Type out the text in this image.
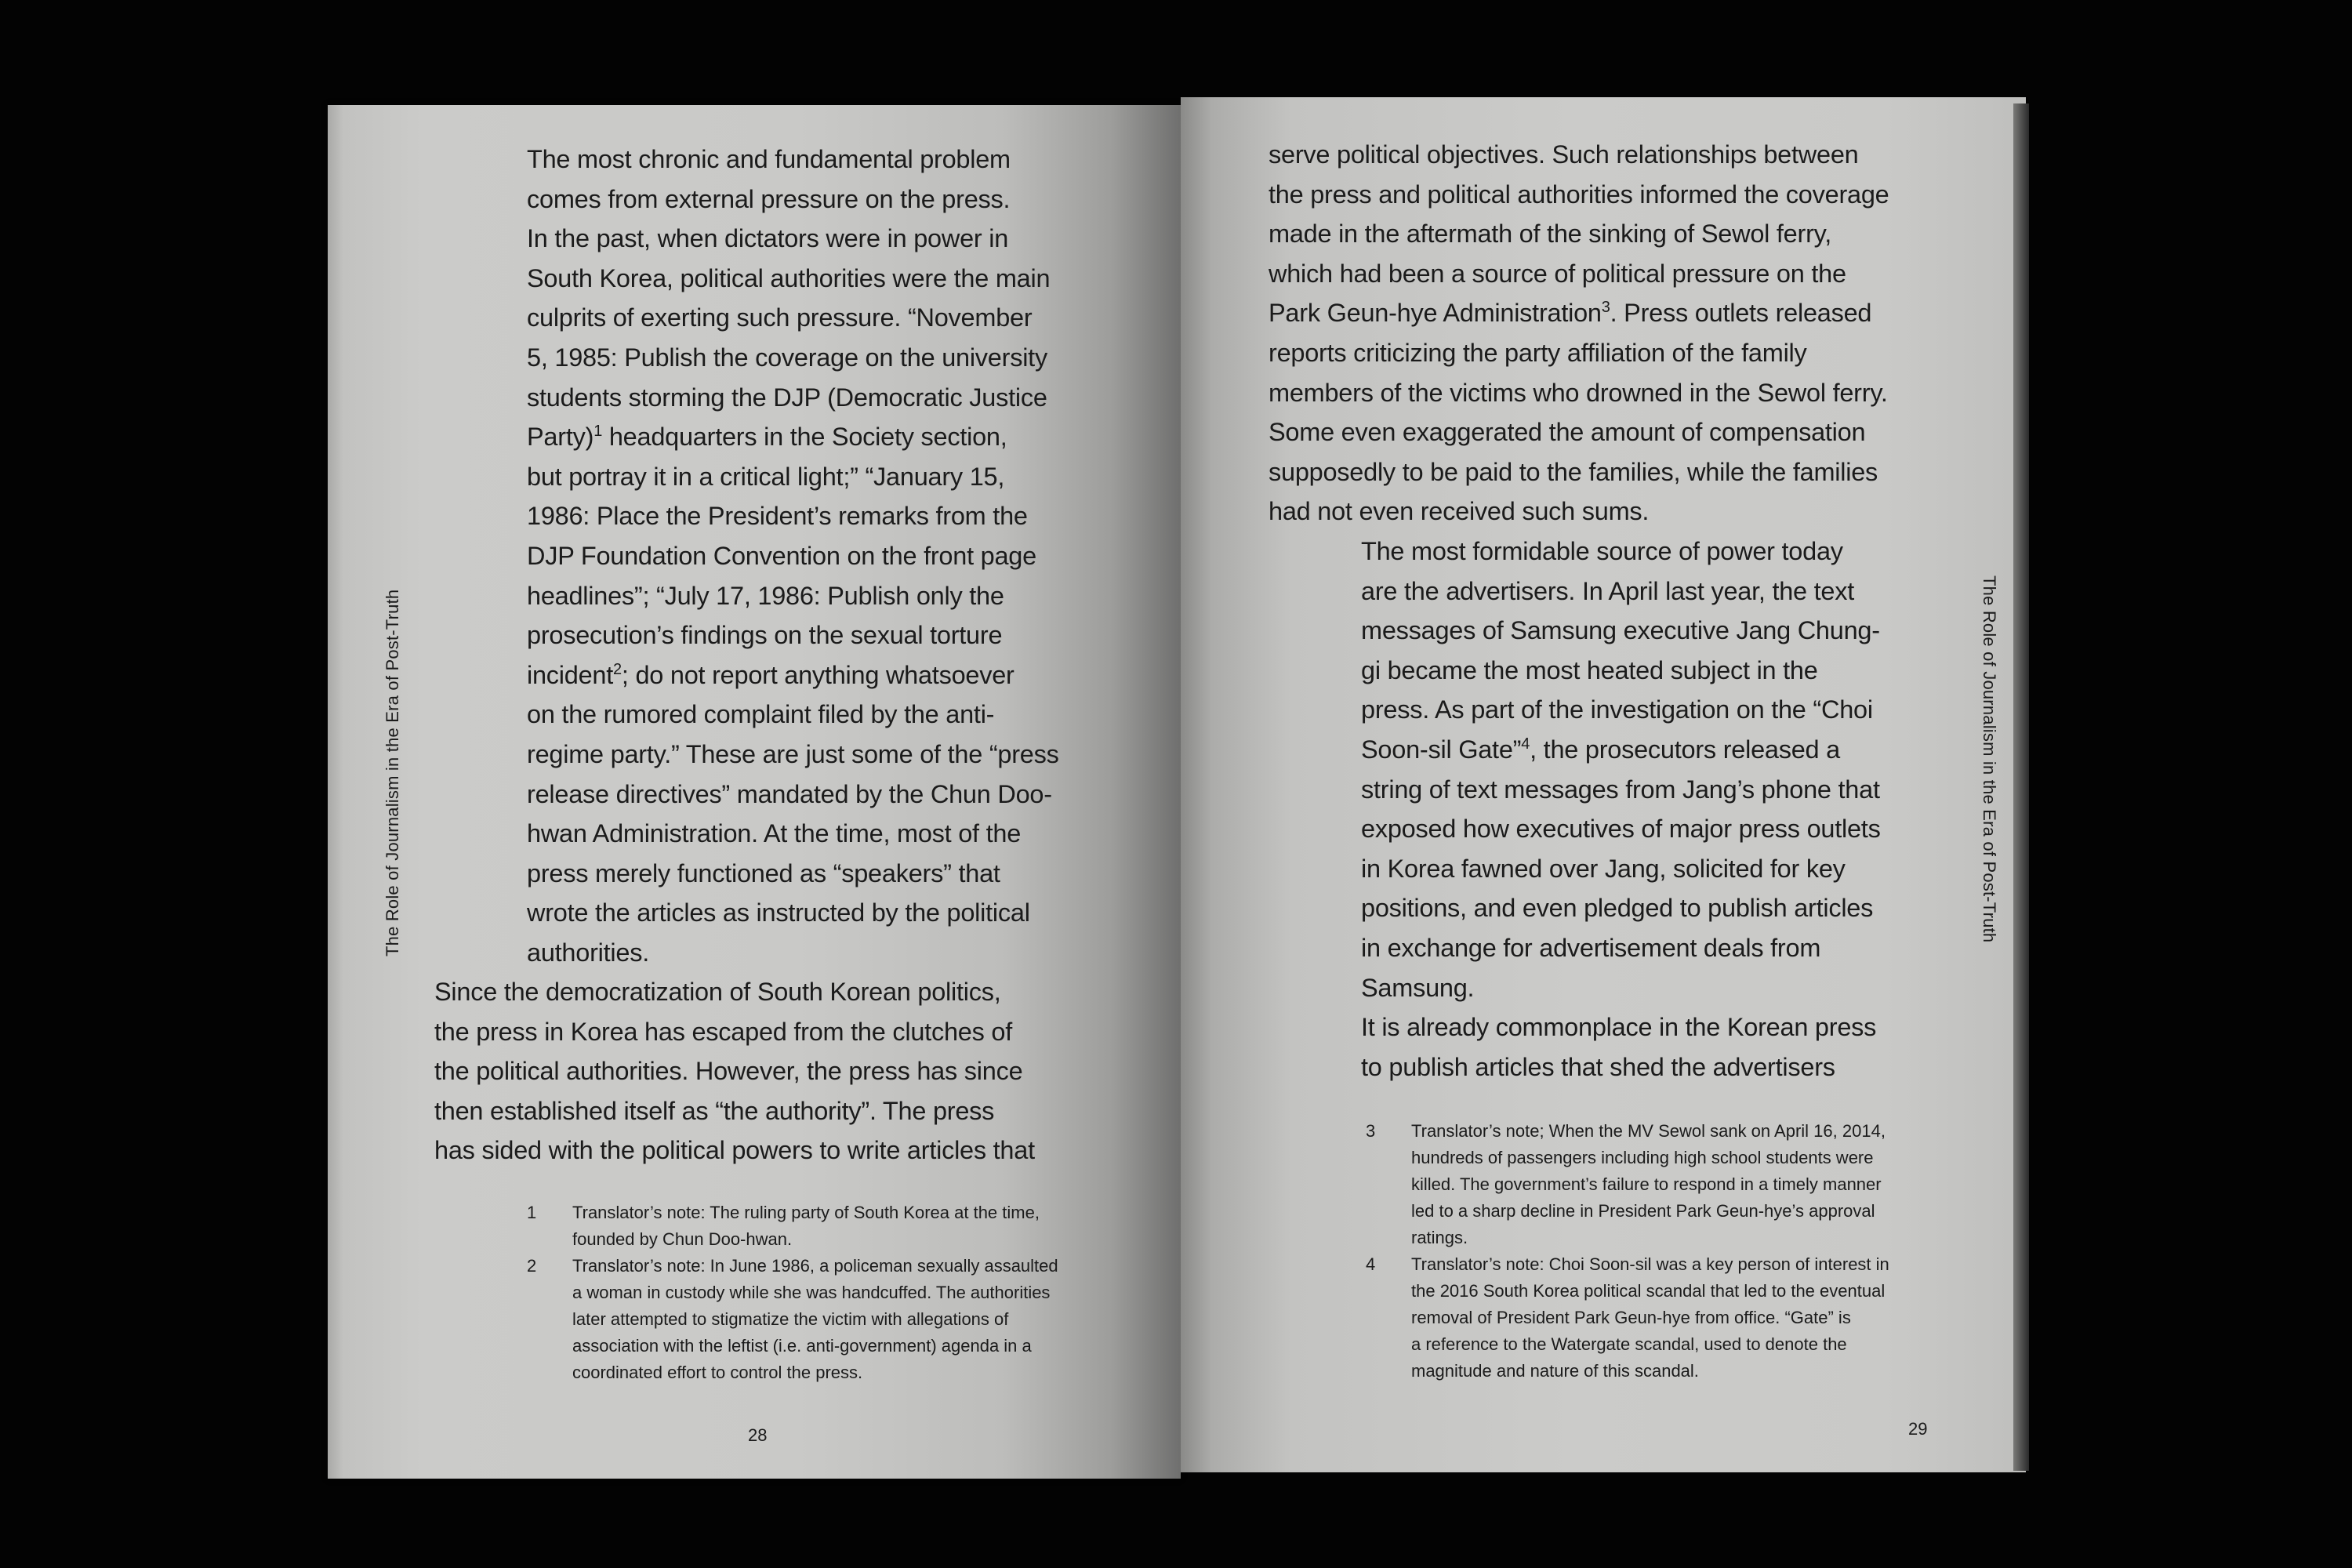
The Role of Journalism in the Era of Post-Truth

The most chronic and fundamental problem

comes from external pressure on the press.

In the past, when dictators were in power in

South Korea, political authorities were the main

culprits of exerting such pressure. “November

5, 1985: Publish the coverage on the university

students storming the DJP (Democratic Justice

Party)$^1$ headquarters in the Society section,

but portray it in a critical light;” “January 15,

1986: Place the President’s remarks from the

DJP Foundation Convention on the front page

headlines”; “July 17, 1986: Publish only the

prosecution’s findings on the sexual torture

incident$^2$; do not report anything whatsoever

on the rumored complaint filed by the anti-

regime party.” These are just some of the “press

release directives” mandated by the Chun Doo-

hwan Administration. At the time, most of the

press merely functioned as “speakers” that

wrote the articles as instructed by the political

authorities.

Since the democratization of South Korean politics,

the press in Korea has escaped from the clutches of

the political authorities. However, the press has since

then established itself as “the authority”. The press

has sided with the political powers to write articles that

1 Translator’s note: The ruling party of South Korea at the time,
founded by Chun Doo-hwan.
2 Translator’s note: In June 1986, a policeman sexually assaulted
a woman in custody while she was handcuffed. The authorities
later attempted to stigmatize the victim with allegations of
association with the leftist (i.e. anti-government) agenda in a
coordinated effort to control the press.
28

serve political objectives. Such relationships between

the press and political authorities informed the coverage

made in the aftermath of the sinking of Sewol ferry,

which had been a source of political pressure on the

Park Geun-hye Administration$^3$. Press outlets released

reports criticizing the party affiliation of the family

members of the victims who drowned in the Sewol ferry.

Some even exaggerated the amount of compensation

supposedly to be paid to the families, while the families

had not even received such sums.

The most formidable source of power today

are the advertisers. In April last year, the text

messages of Samsung executive Jang Chung-

gi became the most heated subject in the

press. As part of the investigation on the “Choi

Soon-sil Gate”$^4$, the prosecutors released a

string of text messages from Jang’s phone that

exposed how executives of major press outlets

in Korea fawned over Jang, solicited for key

positions, and even pledged to publish articles

in exchange for advertisement deals from

Samsung.

It is already commonplace in the Korean press

to publish articles that shed the advertisers

3 Translator’s note; When the MV Sewol sank on April 16, 2014,
hundreds of passengers including high school students were
killed. The government’s failure to respond in a timely manner
led to a sharp decline in President Park Geun-hye’s approval
ratings.
4 Translator’s note: Choi Soon-sil was a key person of interest in
the 2016 South Korea political scandal that led to the eventual
removal of President Park Geun-hye from office. “Gate” is
a reference to the Watergate scandal, used to denote the
magnitude and nature of this scandal.
29
The Role of Journalism in the Era of Post-Truth
